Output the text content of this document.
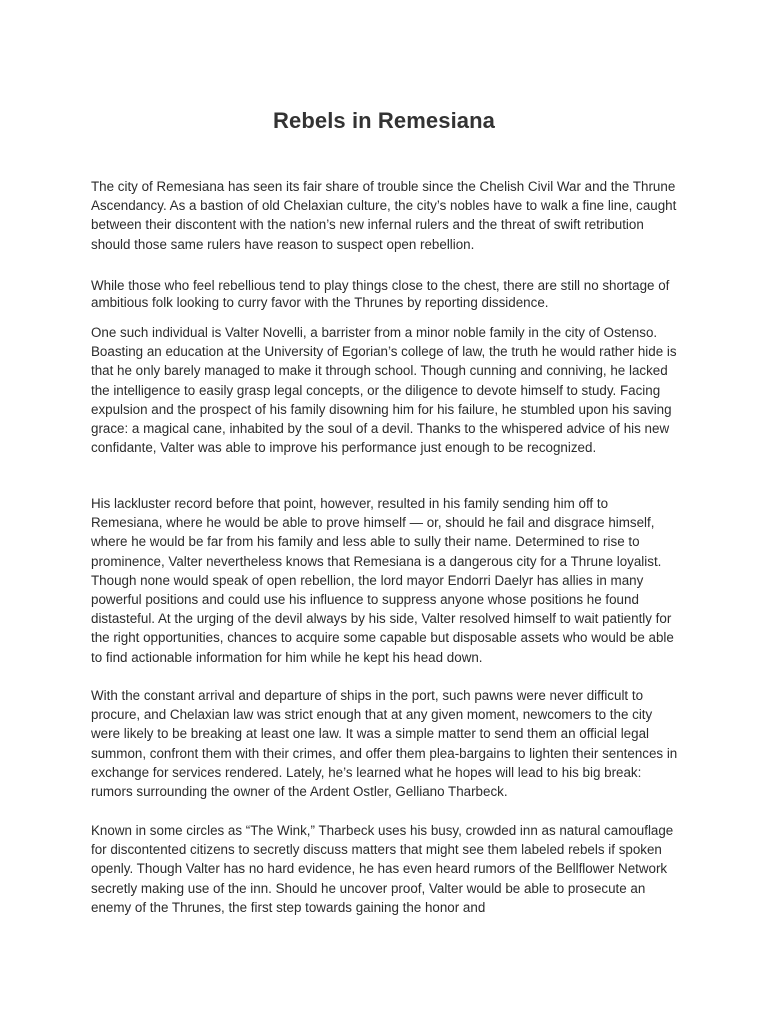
Rebels in Remesiana

The city of Remesiana has seen its fair share of trouble since the Chelish Civil War and the Thrune Ascendancy. As a bastion of old Chelaxian culture, the city’s nobles have to walk a fine line, caught between their discontent with the nation’s new infernal rulers and the threat of swift retribution should those same rulers have reason to suspect open rebellion.

While those who feel rebellious tend to play things close to the chest, there are still no shortage of ambitious folk looking to curry favor with the Thrunes by reporting dissidence.

One such individual is Valter Novelli, a barrister from a minor noble family in the city of Ostenso. Boasting an education at the University of Egorian’s college of law, the truth he would rather hide is that he only barely managed to make it through school. Though cunning and conniving, he lacked the intelligence to easily grasp legal concepts, or the diligence to devote himself to study. Facing expulsion and the prospect of his family disowning him for his failure, he stumbled upon his saving grace: a magical cane, inhabited by the soul of a devil. Thanks to the whispered advice of his new confidante, Valter was able to improve his performance just enough to be recognized.

His lackluster record before that point, however, resulted in his family sending him off to Remesiana, where he would be able to prove himself — or, should he fail and disgrace himself, where he would be far from his family and less able to sully their name. Determined to rise to prominence, Valter nevertheless knows that Remesiana is a dangerous city for a Thrune loyalist. Though none would speak of open rebellion, the lord mayor Endorri Daelyr has allies in many powerful positions and could use his influence to suppress anyone whose positions he found distasteful. At the urging of the devil always by his side, Valter resolved himself to wait patiently for the right opportunities, chances to acquire some capable but disposable assets who would be able to find actionable information for him while he kept his head down.

With the constant arrival and departure of ships in the port, such pawns were never difficult to procure, and Chelaxian law was strict enough that at any given moment, newcomers to the city were likely to be breaking at least one law. It was a simple matter to send them an official legal summon, confront them with their crimes, and offer them plea-bargains to lighten their sentences in exchange for services rendered. Lately, he’s learned what he hopes will lead to his big break: rumors surrounding the owner of the Ardent Ostler, Gelliano Tharbeck.

Known in some circles as “The Wink,” Tharbeck uses his busy, crowded inn as natural camouflage for discontented citizens to secretly discuss matters that might see them labeled rebels if spoken openly. Though Valter has no hard evidence, he has even heard rumors of the Bellflower Network secretly making use of the inn. Should he uncover proof, Valter would be able to prosecute an enemy of the Thrunes, the first step towards gaining the honor and
